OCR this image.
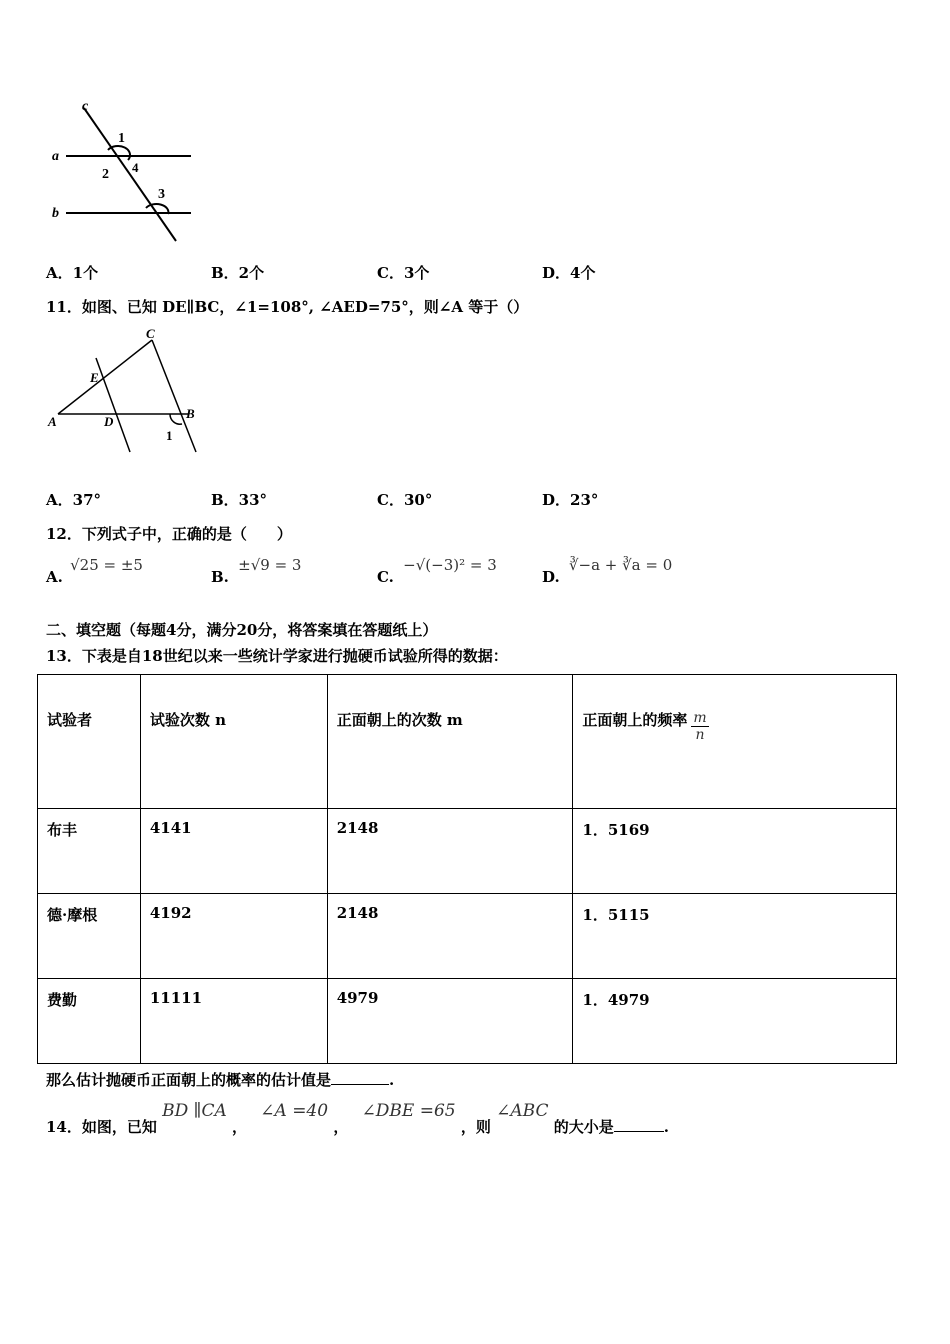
c
a
b
1
2 4
3
A．1个	B．2个	C．3个	D．4个
11．如图、已知 DE∥BC，∠1=108°, ∠AED=75°，则∠A 等于（）
C
E
A	D
B
1
A．37°	B．33°	C．30°	D．23°
12．下列式子中，正确的是（　　）
A. √25 = ±5
B. ±√9 = 3
C. −√(−3)² = 3
D. ∛−a + ∛a = 0
二、填空题（每题4分，满分20分，将答案填在答题纸上）
13．下表是自18世纪以来一些统计学家进行抛硬币试验所得的数据：
试验者	试验次数 n	正面朝上的次数 m	正面朝上的频率 $\frac{m}{n}$

布丰	4141	2148	1．5169
德·摩根	4192	2148	1．5115
费勤	11111	4979	1．4979
那么估计抛硬币正面朝上的概率的估计值是	.
14．如图，已知 BD ∥CA ， ∠A =40 ， ∠DBE =65 ，则 ∠ABC 的大小是	.
